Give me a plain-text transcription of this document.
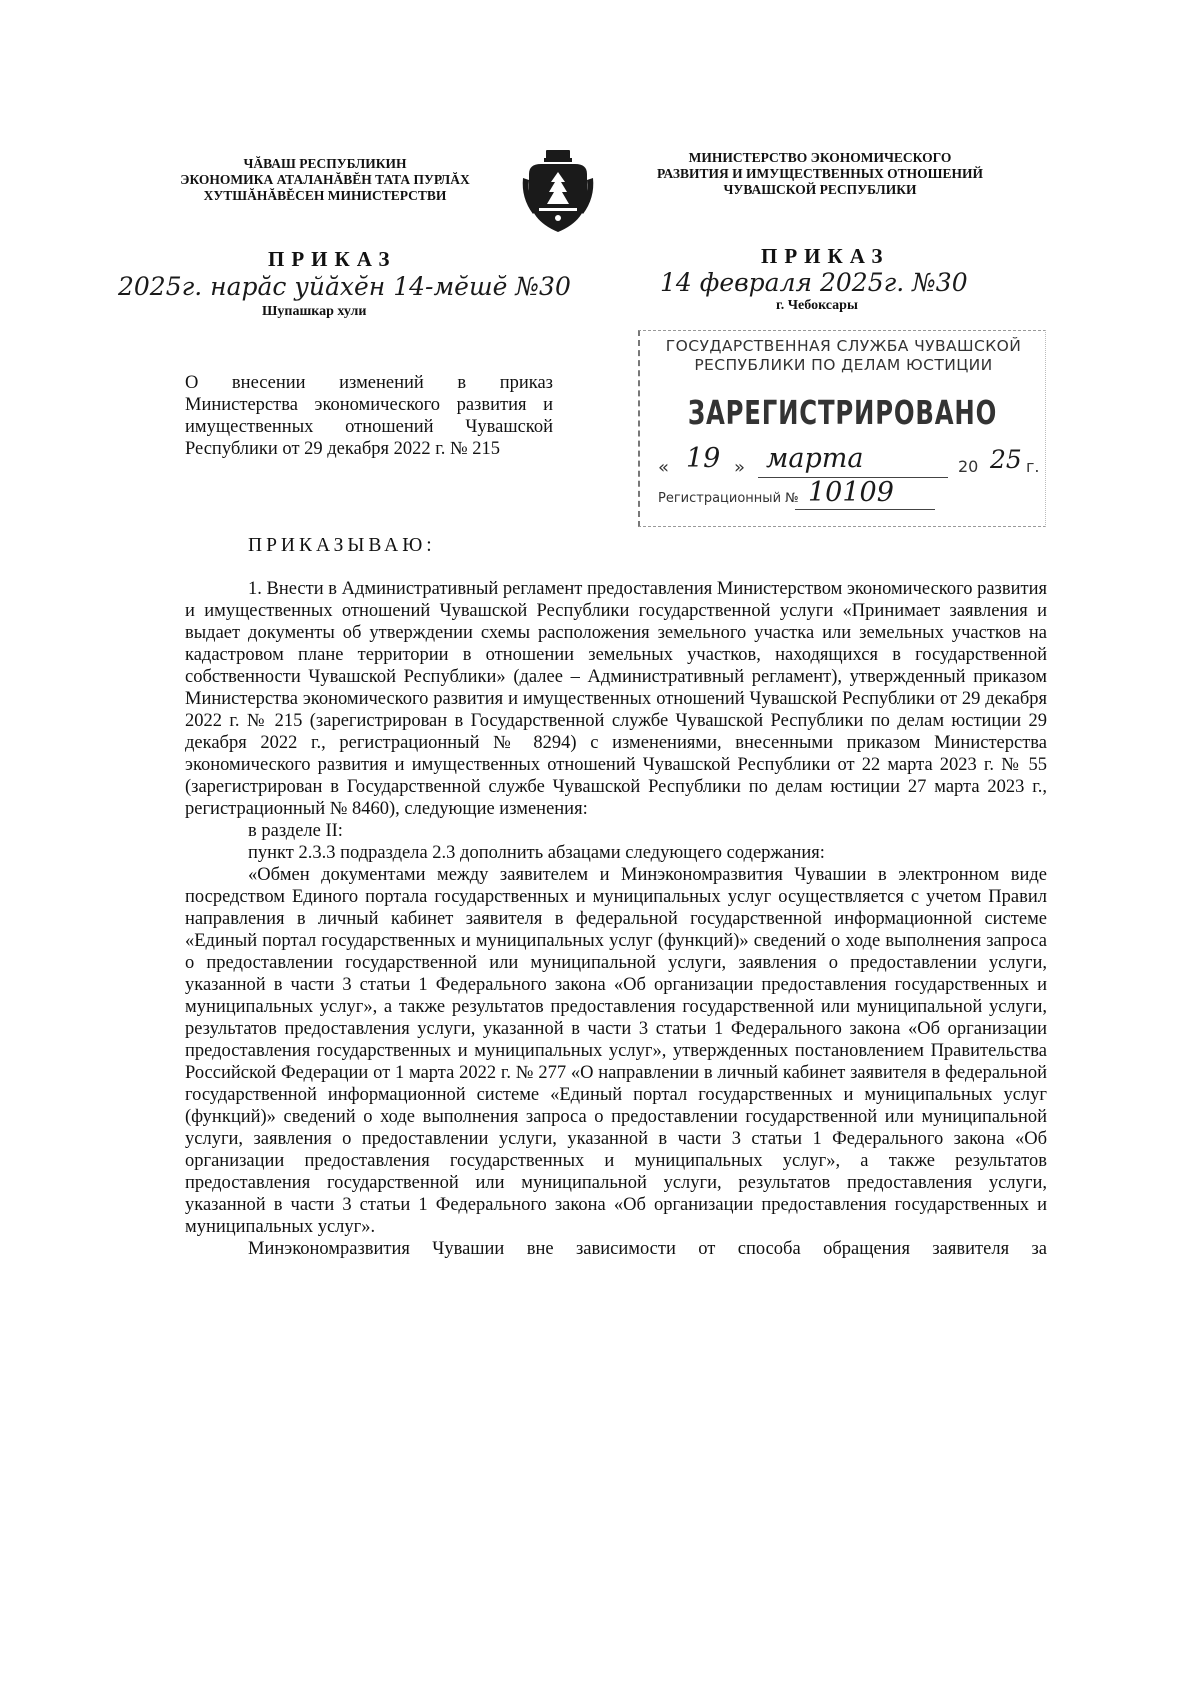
ЧĂВАШ РЕСПУБЛИКИН
ЭКОНОМИКА АТАЛАНĂВĔН ТАТА ПУРЛĂХ
ХУТШĂНĂВĔСЕН МИНИСТЕРСТВИ
МИНИСТЕРСТВО ЭКОНОМИЧЕСКОГО
РАЗВИТИЯ И ИМУЩЕСТВЕННЫХ ОТНОШЕНИЙ
ЧУВАШСКОЙ РЕСПУБЛИКИ
ПРИКАЗ	ПРИКАЗ
2025г. нарăс уйăхĕн 14-мĕшĕ №30	14 февраля 2025г. №30
Шупашкар хули	г. Чебоксары
ГОСУДАРСТВЕННАЯ СЛУЖБА ЧУВАШСКОЙ
РЕСПУБЛИКИ ПО ДЕЛАМ ЮСТИЦИИ
ЗАРЕГИСТРИРОВАНО
« 19 » марта	20 25 г.
Регистрационный № 10109
О внесении изменений в приказ Министерства экономического развития и имущественных отношений Чувашской Республики от 29 декабря 2022 г. № 215
ПРИКАЗЫВАЮ:

1. Внести в Административный регламент предоставления Министерством экономического развития и имущественных отношений Чувашской Республики государственной услуги «Принимает заявления и выдает документы об утверждении схемы расположения земельного участка или земельных участков на кадастровом плане территории в отношении земельных участков, находящихся в государственной собственности Чувашской Республики» (далее – Административный регламент), утвержденный приказом Министерства экономического развития и имущественных отношений Чувашской Республики от 29 декабря 2022 г. № 215 (зарегистрирован в Государственной службе Чувашской Республики по делам юстиции 29 декабря 2022 г., регистрационный № 8294) с изменениями, внесенными приказом Министерства экономического развития и имущественных отношений Чувашской Республики от 22 марта 2023 г. № 55 (зарегистрирован в Государственной службе Чувашской Республики по делам юстиции 27 марта 2023 г., регистрационный № 8460), следующие изменения:

в разделе II:

пункт 2.3.3 подраздела 2.3 дополнить абзацами следующего содержания:

«Обмен документами между заявителем и Минэкономразвития Чувашии в электронном виде посредством Единого портала государственных и муниципальных услуг осуществляется с учетом Правил направления в личный кабинет заявителя в федеральной государственной информационной системе «Единый портал государственных и муниципальных услуг (функций)» сведений о ходе выполнения запроса о предоставлении государственной или муниципальной услуги, заявления о предоставлении услуги, указанной в части 3 статьи 1 Федерального закона «Об организации предоставления государственных и муниципальных услуг», а также результатов предоставления государственной или муниципальной услуги, результатов предоставления услуги, указанной в части 3 статьи 1 Федерального закона «Об организации предоставления государственных и муниципальных услуг», утвержденных постановлением Правительства Российской Федерации от 1 марта 2022 г. № 277 «О направлении в личный кабинет заявителя в федеральной государственной информационной системе «Единый портал государственных и муниципальных услуг (функций)» сведений о ходе выполнения запроса о предоставлении государственной или муниципальной услуги, заявления о предоставлении услуги, указанной в части 3 статьи 1 Федерального закона «Об организации предоставления государственных и муниципальных услуг», а также результатов предоставления государственной или муниципальной услуги, результатов предоставления услуги, указанной в части 3 статьи 1 Федерального закона «Об организации предоставления государственных и муниципальных услуг».

Минэкономразвития Чувашии вне зависимости от способа обращения заявителя за
